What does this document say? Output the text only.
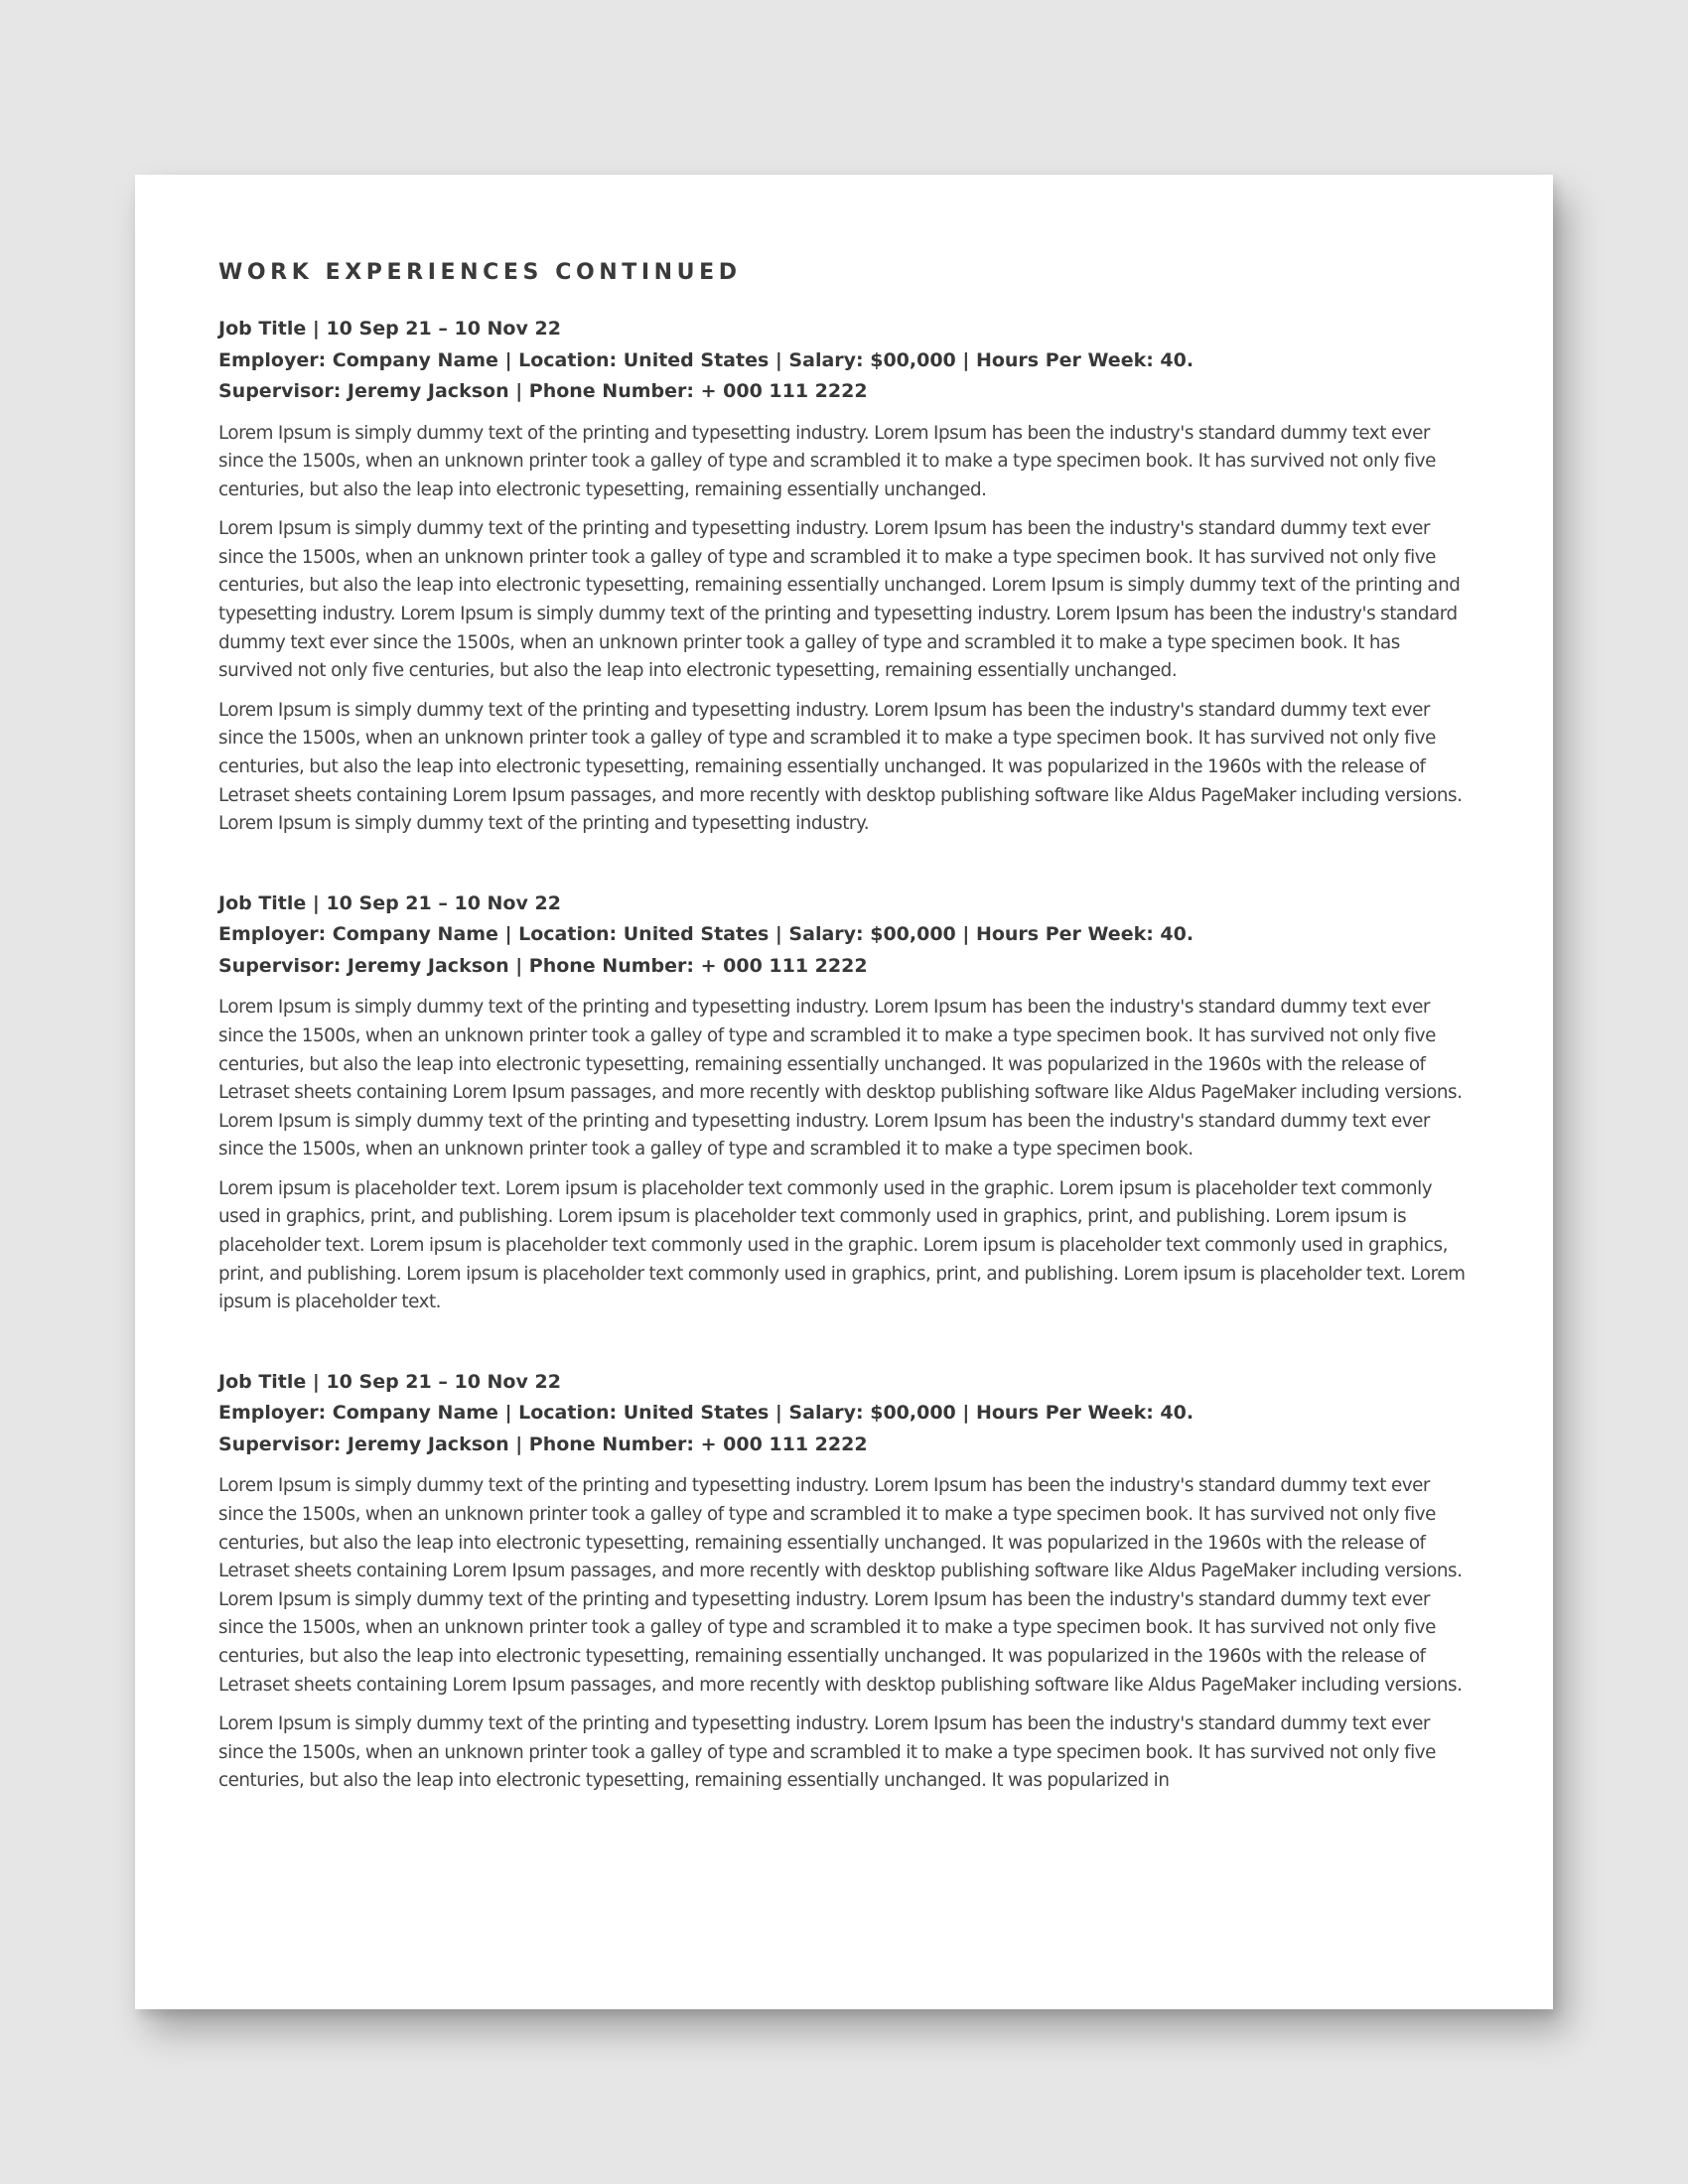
WORK EXPERIENCES CONTINUED
Job Title | 10 Sep 21 – 10 Nov 22
Employer: Company Name | Location: United States | Salary: $00,000 | Hours Per Week: 40.
Supervisor: Jeremy Jackson | Phone Number: + 000 111 2222

Lorem Ipsum is simply dummy text of the printing and typesetting industry. Lorem Ipsum has been the industry's standard dummy text ever since the 1500s, when an unknown printer took a galley of type and scrambled it to make a type specimen book. It has survived not only five centuries, but also the leap into electronic typesetting, remaining essentially unchanged.

Lorem Ipsum is simply dummy text of the printing and typesetting industry. Lorem Ipsum has been the industry's standard dummy text ever since the 1500s, when an unknown printer took a galley of type and scrambled it to make a type specimen book. It has survived not only five centuries, but also the leap into electronic typesetting, remaining essentially unchanged. Lorem Ipsum is simply dummy text of the printing and typesetting industry. Lorem Ipsum is simply dummy text of the printing and typesetting industry. Lorem Ipsum has been the industry's standard dummy text ever since the 1500s, when an unknown printer took a galley of type and scrambled it to make a type specimen book. It has survived not only five centuries, but also the leap into electronic typesetting, remaining essentially unchanged.

Lorem Ipsum is simply dummy text of the printing and typesetting industry. Lorem Ipsum has been the industry's standard dummy text ever since the 1500s, when an unknown printer took a galley of type and scrambled it to make a type specimen book. It has survived not only five centuries, but also the leap into electronic typesetting, remaining essentially unchanged. It was popularized in the 1960s with the release of Letraset sheets containing Lorem Ipsum passages, and more recently with desktop publishing software like Aldus PageMaker including versions. Lorem Ipsum is simply dummy text of the printing and typesetting industry.

Job Title | 10 Sep 21 – 10 Nov 22
Employer: Company Name | Location: United States | Salary: $00,000 | Hours Per Week: 40.
Supervisor: Jeremy Jackson | Phone Number: + 000 111 2222

Lorem Ipsum is simply dummy text of the printing and typesetting industry. Lorem Ipsum has been the industry's standard dummy text ever since the 1500s, when an unknown printer took a galley of type and scrambled it to make a type specimen book. It has survived not only five centuries, but also the leap into electronic typesetting, remaining essentially unchanged. It was popularized in the 1960s with the release of Letraset sheets containing Lorem Ipsum passages, and more recently with desktop publishing software like Aldus PageMaker including versions. Lorem Ipsum is simply dummy text of the printing and typesetting industry. Lorem Ipsum has been the industry's standard dummy text ever since the 1500s, when an unknown printer took a galley of type and scrambled it to make a type specimen book.

Lorem ipsum is placeholder text. Lorem ipsum is placeholder text commonly used in the graphic. Lorem ipsum is placeholder text commonly used in graphics, print, and publishing. Lorem ipsum is placeholder text commonly used in graphics, print, and publishing. Lorem ipsum is placeholder text. Lorem ipsum is placeholder text commonly used in the graphic. Lorem ipsum is placeholder text commonly used in graphics, print, and publishing. Lorem ipsum is placeholder text commonly used in graphics, print, and publishing. Lorem ipsum is placeholder text. Lorem ipsum is placeholder text.

Job Title | 10 Sep 21 – 10 Nov 22
Employer: Company Name | Location: United States | Salary: $00,000 | Hours Per Week: 40.
Supervisor: Jeremy Jackson | Phone Number: + 000 111 2222

Lorem Ipsum is simply dummy text of the printing and typesetting industry. Lorem Ipsum has been the industry's standard dummy text ever since the 1500s, when an unknown printer took a galley of type and scrambled it to make a type specimen book. It has survived not only five centuries, but also the leap into electronic typesetting, remaining essentially unchanged. It was popularized in the 1960s with the release of Letraset sheets containing Lorem Ipsum passages, and more recently with desktop publishing software like Aldus PageMaker including versions. Lorem Ipsum is simply dummy text of the printing and typesetting industry. Lorem Ipsum has been the industry's standard dummy text ever since the 1500s, when an unknown printer took a galley of type and scrambled it to make a type specimen book. It has survived not only five centuries, but also the leap into electronic typesetting, remaining essentially unchanged. It was popularized in the 1960s with the release of Letraset sheets containing Lorem Ipsum passages, and more recently with desktop publishing software like Aldus PageMaker including versions.

Lorem Ipsum is simply dummy text of the printing and typesetting industry. Lorem Ipsum has been the industry's standard dummy text ever since the 1500s, when an unknown printer took a galley of type and scrambled it to make a type specimen book. It has survived not only five centuries, but also the leap into electronic typesetting, remaining essentially unchanged. It was popularized in
